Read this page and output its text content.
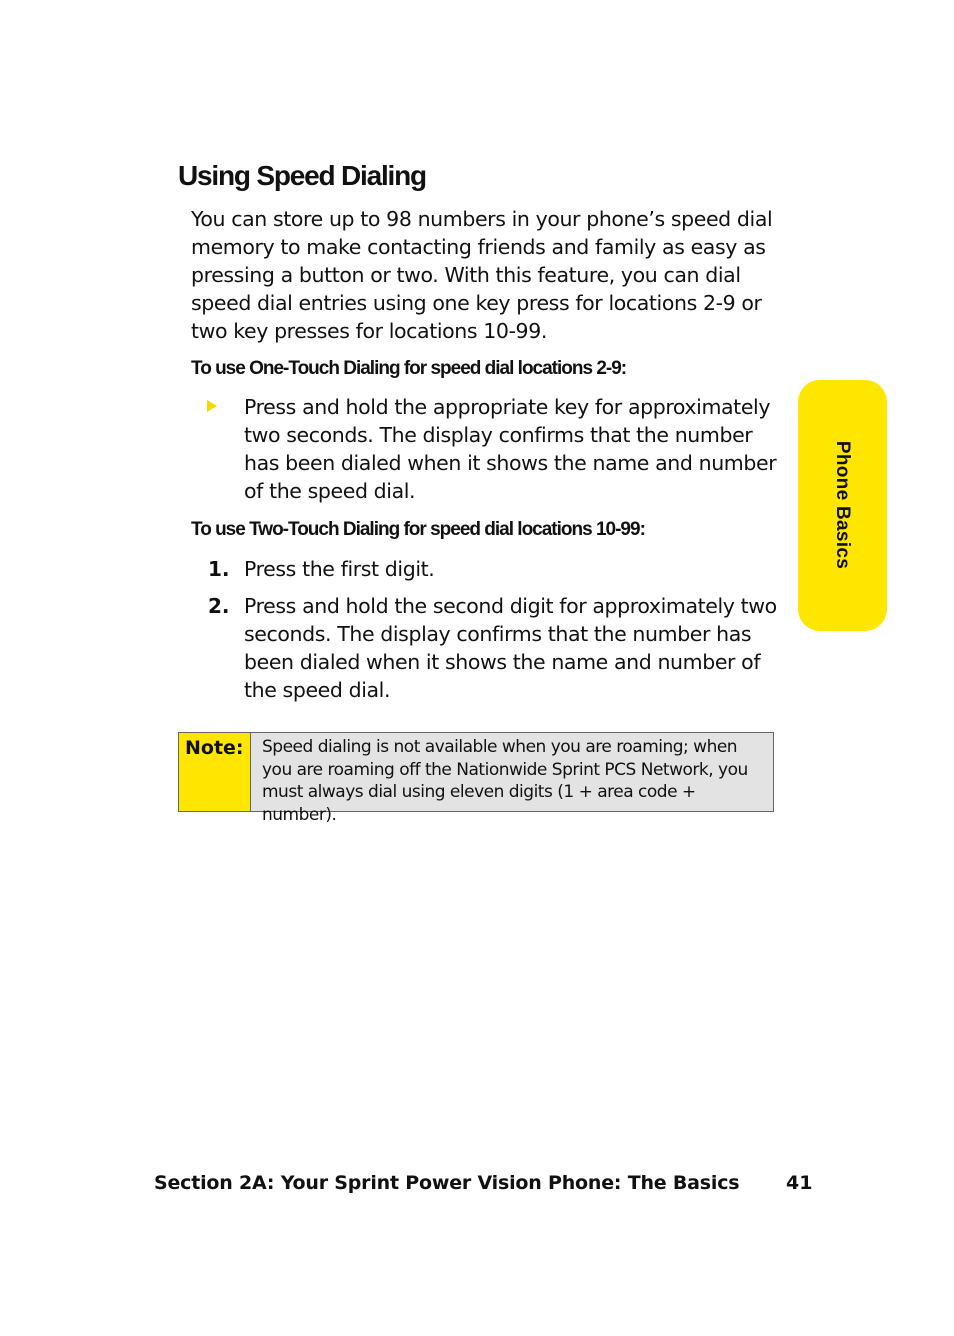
Using Speed Dialing

You can store up to 98 numbers in your phone’s speed dial memory to make contacting friends and family as easy as pressing a button or two. With this feature, you can dial speed dial entries using one key press for locations 2-9 or two key presses for locations 10-99.

To use One-Touch Dialing for speed dial locations 2-9:

Press and hold the appropriate key for approximately two seconds. The display confirms that the number has been dialed when it shows the name and number of the speed dial.

To use Two-Touch Dialing for speed dial locations 10-99:
1. Press the first digit.

2. Press and hold the second digit for approximately two seconds. The display confirms that the number has been dialed when it shows the name and number of the speed dial.

Note:	Speed dialing is not available when you are roaming; when you are roaming off the Nationwide Sprint PCS Network, you must always dial using eleven digits (1 + area code + number).
Phone Basics
Section 2A: Your Sprint Power Vision Phone: The Basics 41
